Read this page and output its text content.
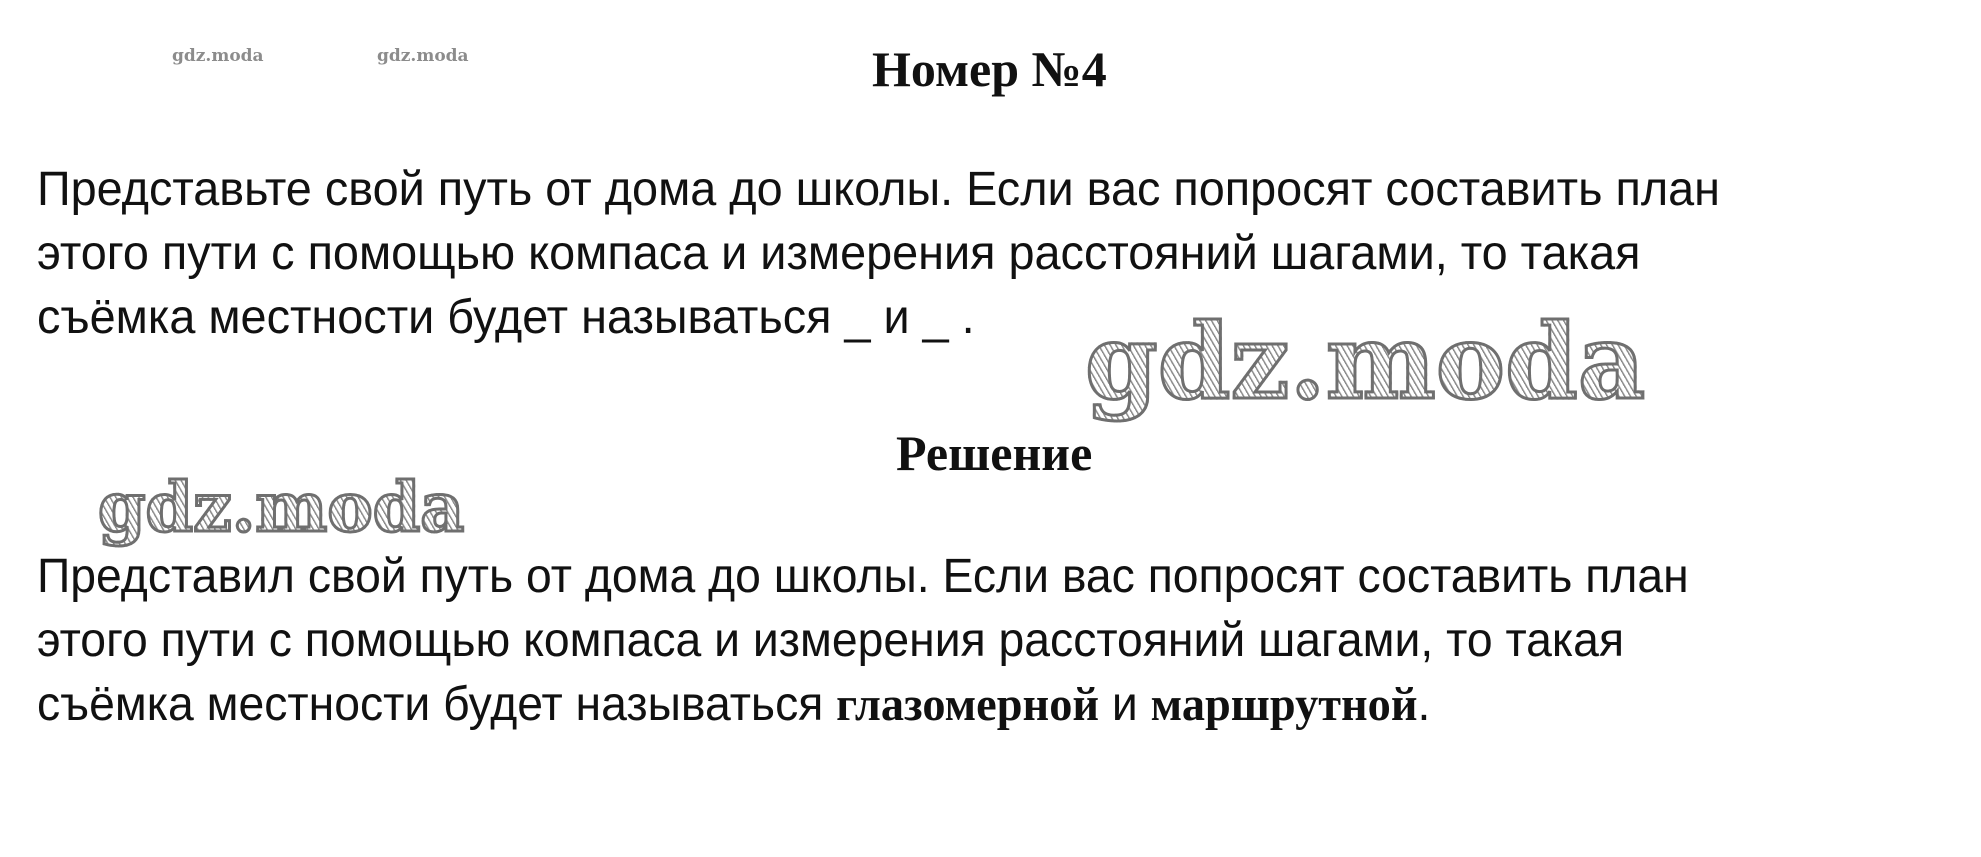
gdz.moda	gdz.moda	Номер №4
Представьте свой путь от дома до школы. Если вас попросят составить план
этого пути с помощью компаса и измерения расстояний шагами, то такая
съёмка местности будет называться _ и _ .	gdz.moda
Решение
gdz.moda
Представил свой путь от дома до школы. Если вас попросят составить план
этого пути с помощью компаса и измерения расстояний шагами, то такая
съёмка местности будет называться глазомерной и маршрутной.
